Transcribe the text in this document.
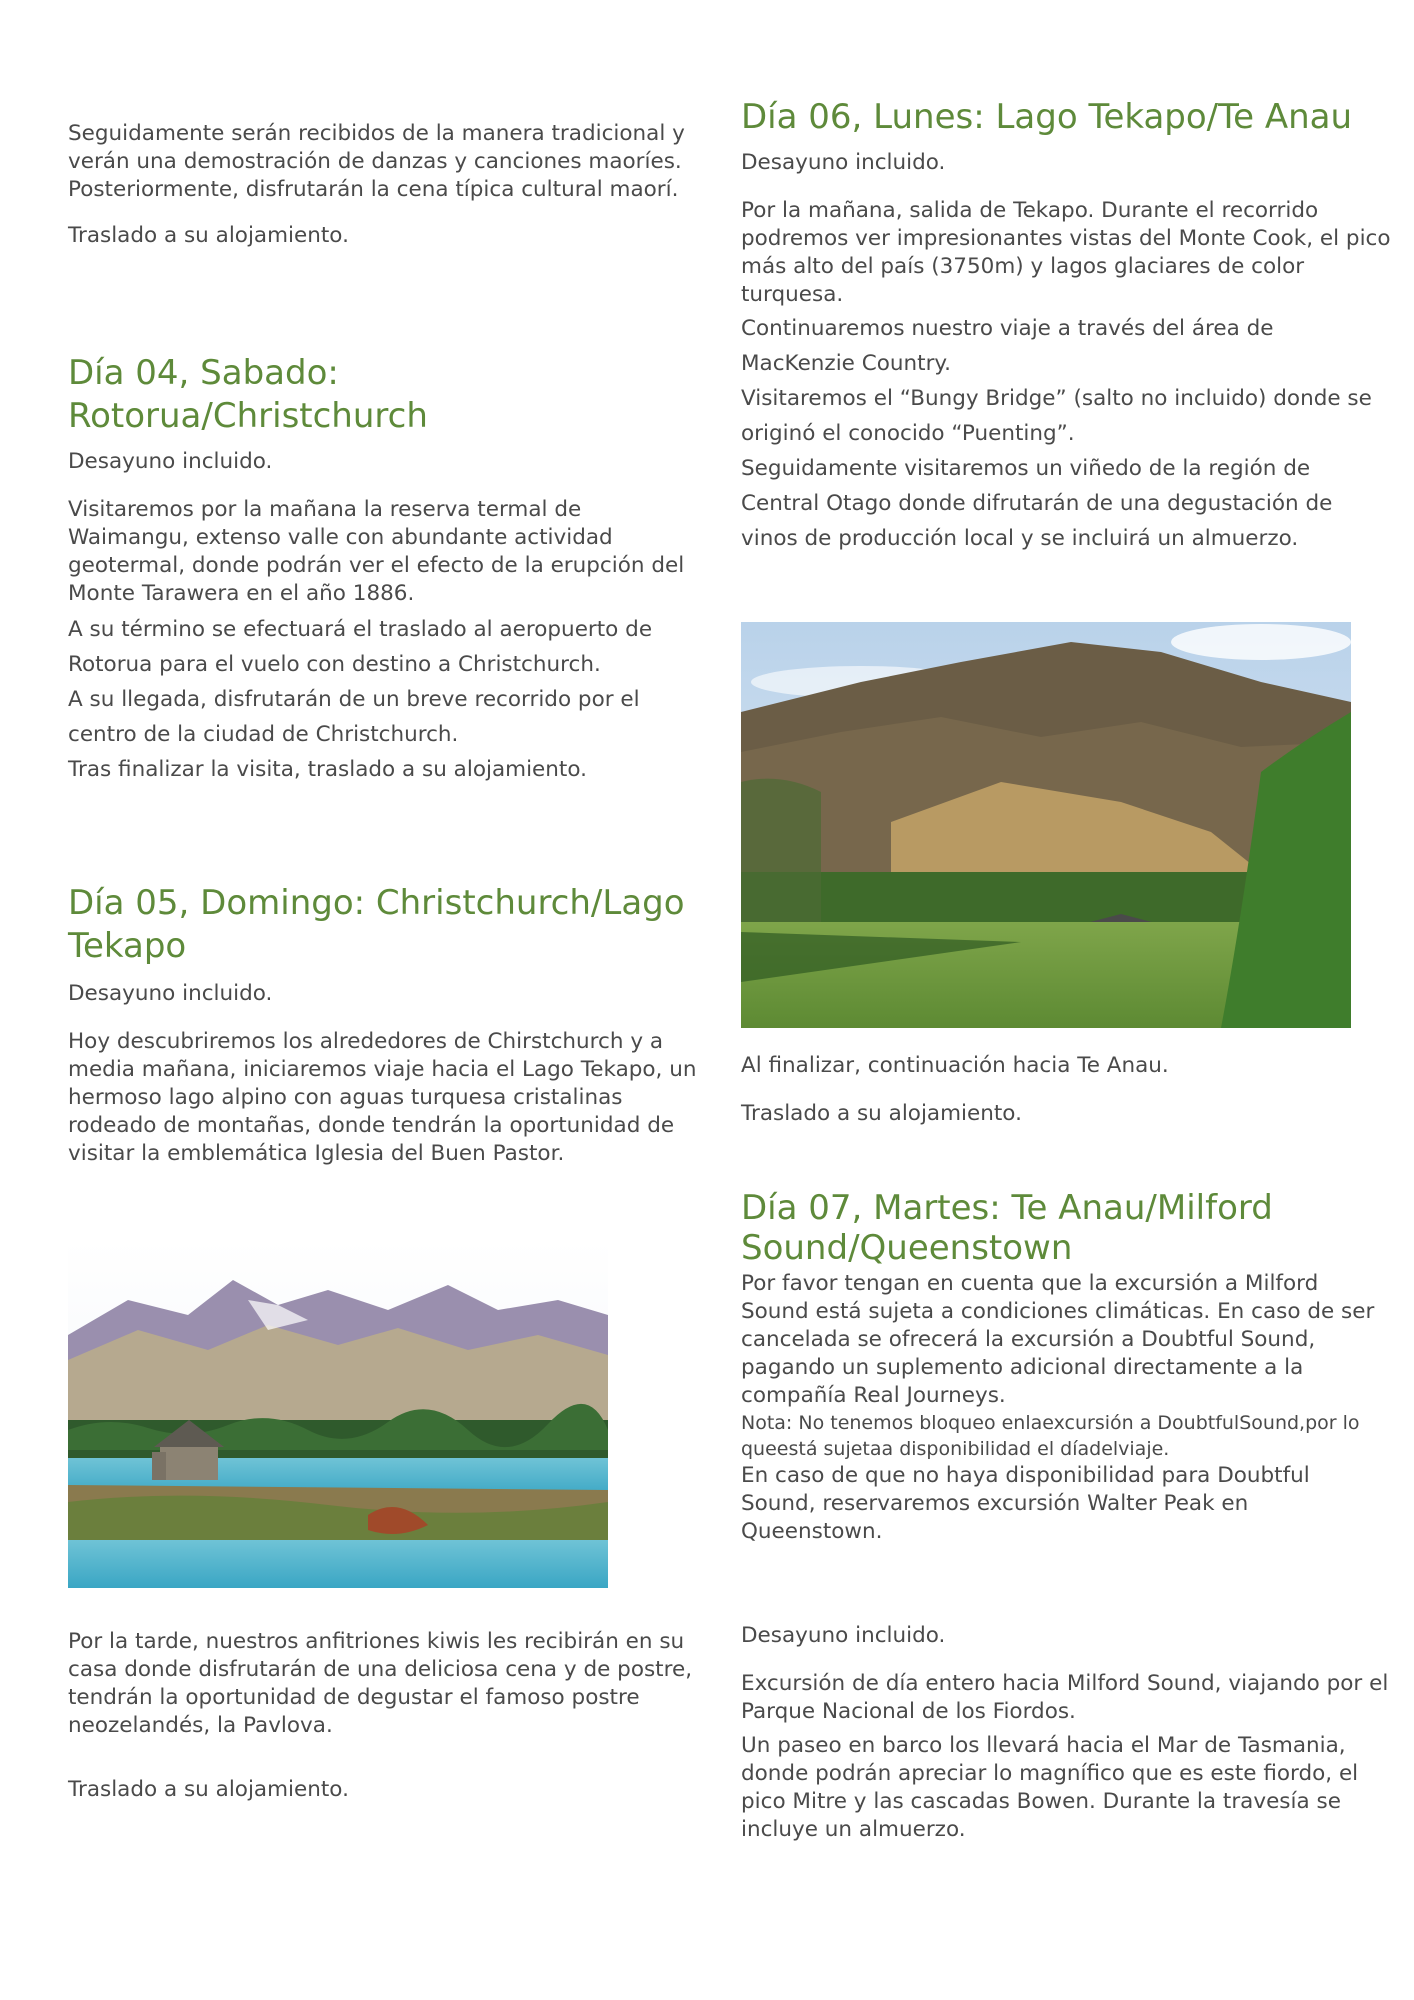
Seguidamente serán recibidos de la manera tradicional y verán una demostración de danzas y canciones maoríes. Posteriormente, disfrutarán la cena típica cultural maorí.

Traslado a su alojamiento.

Día 04, Sabado: Rotorua/Christchurch

Desayuno incluido.

Visitaremos por la mañana la reserva termal de Waimangu, extenso valle con abundante actividad geotermal, donde podrán ver el efecto de la erupción del Monte Tarawera en el año 1886.

A su término se efectuará el traslado al aeropuerto de Rotorua para el vuelo con destino a Christchurch.

A su llegada, disfrutarán de un breve recorrido por el centro de la ciudad de Christchurch.

Tras finalizar la visita, traslado a su alojamiento.

Día 05, Domingo: Christchurch/Lago Tekapo

Desayuno incluido.

Hoy descubriremos los alrededores de Chirstchurch y a media mañana, iniciaremos viaje hacia el Lago Tekapo, un hermoso lago alpino con aguas turquesa cristalinas rodeado de montañas, donde tendrán la oportunidad de visitar la emblemática Iglesia del Buen Pastor.

Por la tarde, nuestros anfitriones kiwis les recibirán en su casa donde disfrutarán de una deliciosa cena y de postre, tendrán la oportunidad de degustar el famoso postre neozelandés, la Pavlova.

Traslado a su alojamiento.

Día 06, Lunes: Lago Tekapo/Te Anau

Desayuno incluido.

Por la mañana, salida de Tekapo. Durante el recorrido podremos ver impresionantes vistas del Monte Cook, el pico más alto del país (3750m) y lagos glaciares de color turquesa.

Continuaremos nuestro viaje a través del área de MacKenzie Country.

Visitaremos el “Bungy Bridge” (salto no incluido) donde se originó el conocido “Puenting”.

Seguidamente visitaremos un viñedo de la región de Central Otago donde difrutarán de una degustación de vinos de producción local y se incluirá un almuerzo.

Al finalizar, continuación hacia Te Anau.

Traslado a su alojamiento.

Día 07, Martes: Te Anau/Milford Sound/Queenstown

Por favor tengan en cuenta que la excursión a Milford Sound está sujeta a condiciones climáticas. En caso de ser cancelada se ofrecerá la excursión a Doubtful Sound, pagando un suplemento adicional directamente a la compañía Real Journeys.

Nota: No tenemos bloqueo enlaexcursión a DoubtfulSound,por lo queestá sujetaa disponibilidad el díadelviaje.

En caso de que no haya disponibilidad para Doubtful Sound, reservaremos excursión Walter Peak en Queenstown.

Desayuno incluido.

Excursión de día entero hacia Milford Sound, viajando por el Parque Nacional de los Fiordos.

Un paseo en barco los llevará hacia el Mar de Tasmania, donde podrán apreciar lo magnífico que es este fiordo, el pico Mitre y las cascadas Bowen. Durante la travesía se incluye un almuerzo.
